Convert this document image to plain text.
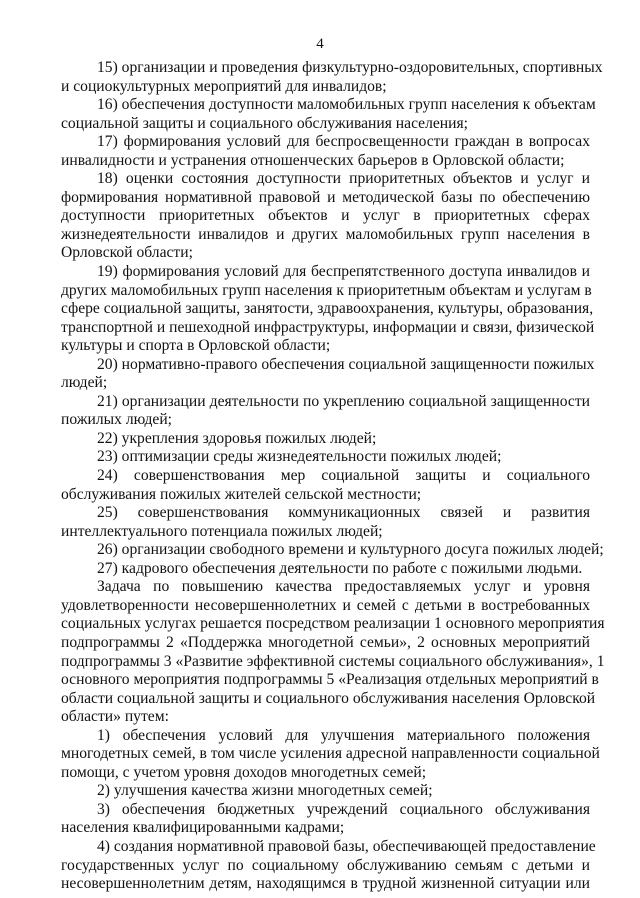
4
15) организации и проведения физкультурно-оздоровительных, спортивных
и социокультурных мероприятий для инвалидов;
16) обеспечения доступности маломобильных групп населения к объектам
социальной защиты и социального обслуживания населения;
17) формирования условий для беспросвещенности граждан в вопросах
инвалидности и устранения отношенческих барьеров в Орловской области;
18) оценки состояния доступности приоритетных объектов и услуг и
формирования нормативной правовой и методической базы по обеспечению
доступности приоритетных объектов и услуг в приоритетных сферах
жизнедеятельности инвалидов и других маломобильных групп населения в
Орловской области;
19) формирования условий для беспрепятственного доступа инвалидов и
других маломобильных групп населения к приоритетным объектам и услугам в
сфере социальной защиты, занятости, здравоохранения, культуры, образования,
транспортной и пешеходной инфраструктуры, информации и связи, физической
культуры и спорта в Орловской области;
20) нормативно-правого обеспечения социальной защищенности пожилых
людей;
21) организации деятельности по укреплению социальной защищенности
пожилых людей;
22) укрепления здоровья пожилых людей;
23) оптимизации среды жизнедеятельности пожилых людей;
24) совершенствования мер социальной защиты и социального
обслуживания пожилых жителей сельской местности;
25) совершенствования коммуникационных связей и развития
интеллектуального потенциала пожилых людей;
26) организации свободного времени и культурного досуга пожилых людей;
27) кадрового обеспечения деятельности по работе с пожилыми людьми.
Задача по повышению качества предоставляемых услуг и уровня
удовлетворенности несовершеннолетних и семей с детьми в востребованных
социальных услугах решается посредством реализации 1 основного мероприятия
подпрограммы 2 «Поддержка многодетной семьи», 2 основных мероприятий
подпрограммы 3 «Развитие эффективной системы социального обслуживания», 1
основного мероприятия подпрограммы 5 «Реализация отдельных мероприятий в
области социальной защиты и социального обслуживания населения Орловской
области» путем:
1) обеспечения условий для улучшения материального положения
многодетных семей, в том числе усиления адресной направленности социальной
помощи, с учетом уровня доходов многодетных семей;
2) улучшения качества жизни многодетных семей;
3) обеспечения бюджетных учреждений социального обслуживания
населения квалифицированными кадрами;
4) создания нормативной правовой базы, обеспечивающей предоставление
государственных услуг по социальному обслуживанию семьям с детьми и
несовершеннолетним детям, находящимся в трудной жизненной ситуации или
